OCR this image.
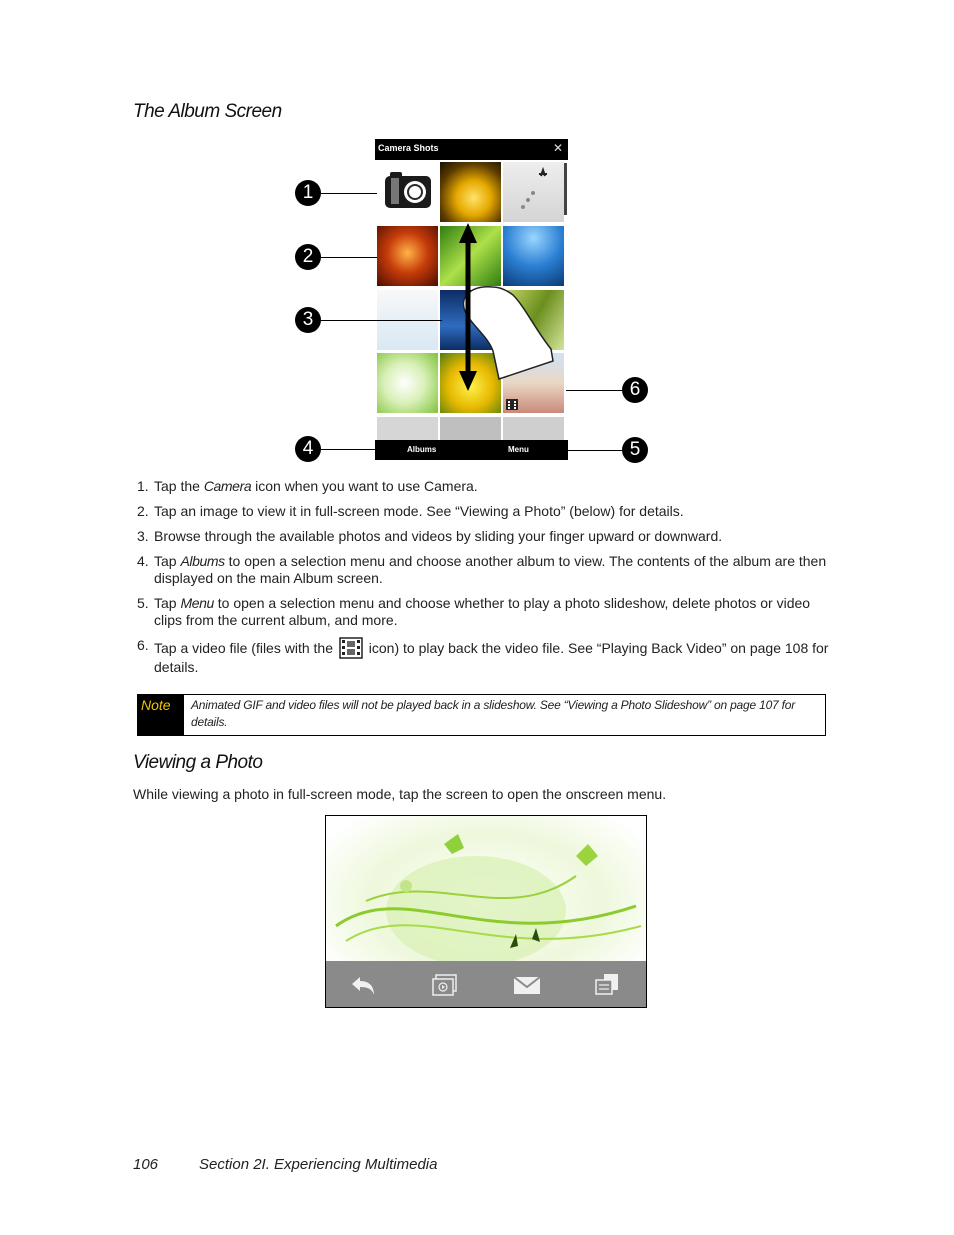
The Album Screen
Camera Shots	✕
Albums	Menu
1
2
3
4	5
6
1. Tap the Camera icon when you want to use Camera.
2. Tap an image to view it in full-screen mode. See “Viewing a Photo” (below) for details.
3. Browse through the available photos and videos by sliding your finger upward or downward.
4. Tap Albums to open a selection menu and choose another album to view. The contents of the album are then displayed on the main Album screen.
5. Tap Menu to open a selection menu and choose whether to play a photo slideshow, delete photos or video clips from the current album, and more.
6. Tap a video file (files with the  icon) to play back the video file. See “Playing Back Video” on page 108 for details.
Note Animated GIF and video files will not be played back in a slideshow. See “Viewing a Photo Slideshow” on page 107 for details.
Viewing a Photo
While viewing a photo in full-screen mode, tap the screen to open the onscreen menu.
106	Section 2I. Experiencing Multimedia
